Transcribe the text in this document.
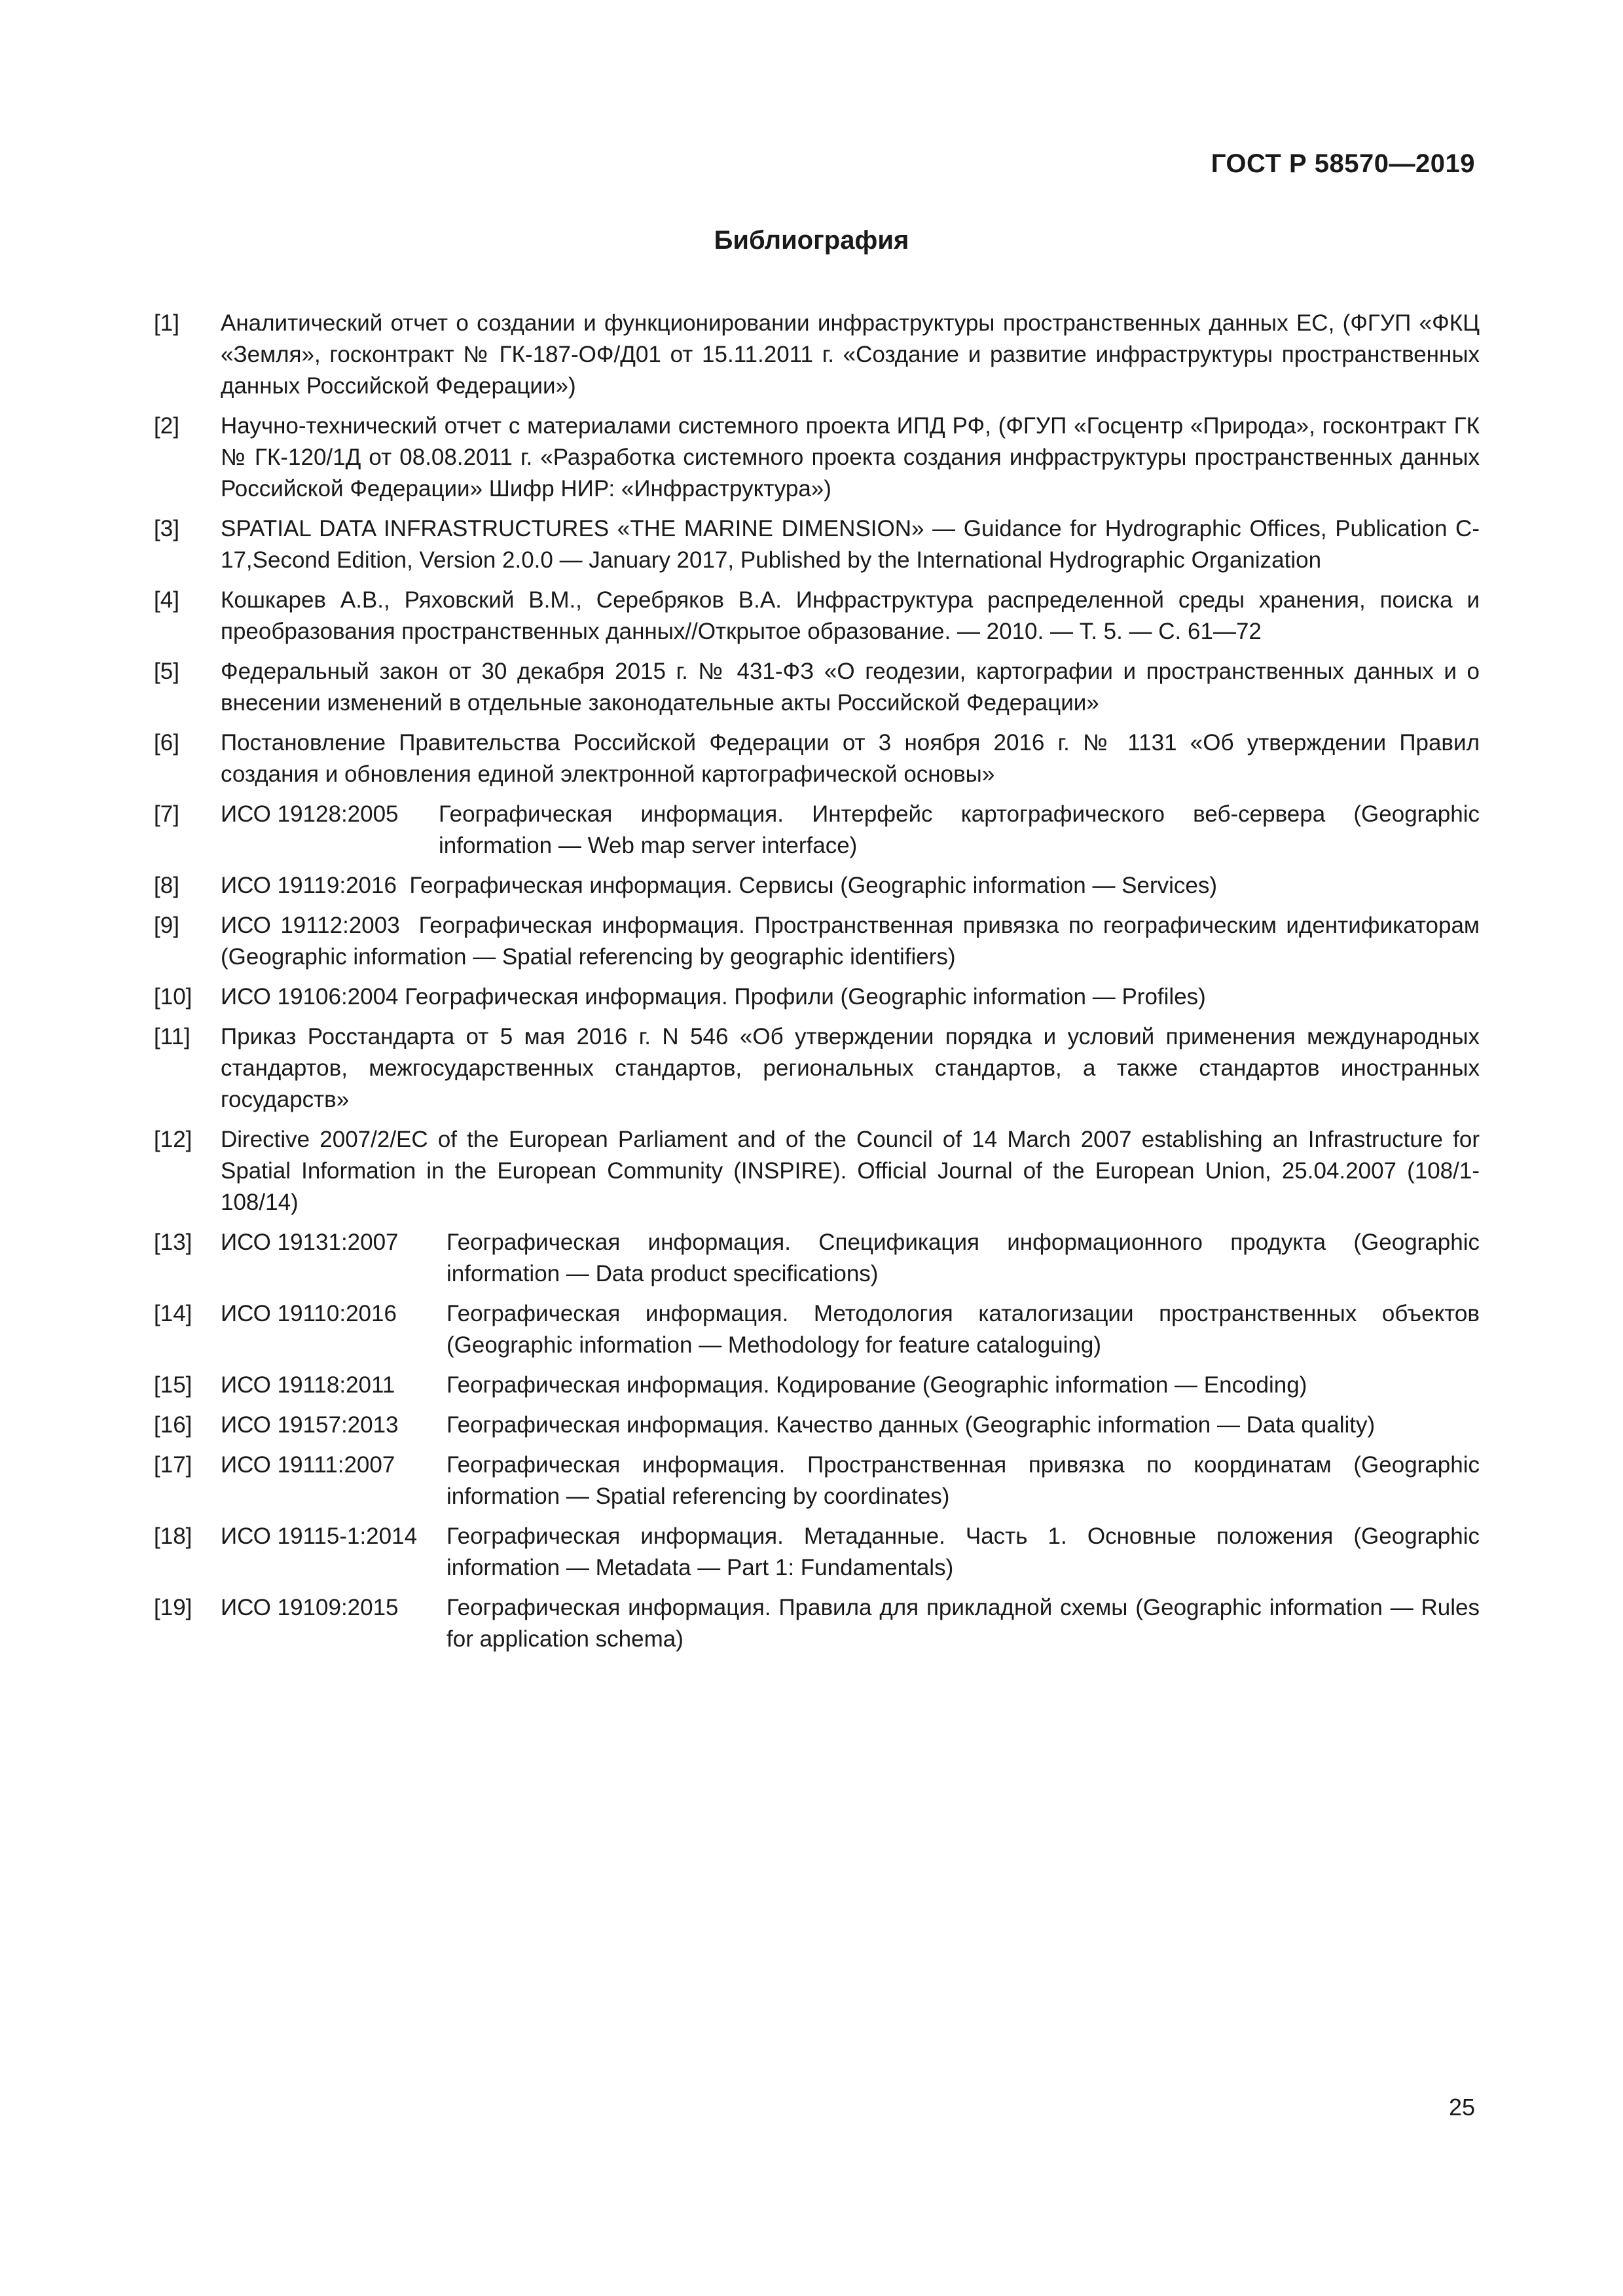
ГОСТ Р 58570—2019
Библиография
[1]	Аналитический отчет о создании и функционировании инфраструктуры пространственных данных ЕС, (ФГУП «ФКЦ «Земля», госконтракт № ГК-187-ОФ/Д01 от 15.11.2011 г. «Создание и развитие инфраструктуры пространственных данных Российской Федерации»)
[2]	Научно-технический отчет с материалами системного проекта ИПД РФ, (ФГУП «Госцентр «Природа», госконтракт ГК № ГК-120/1Д от 08.08.2011 г. «Разработка системного проекта создания инфраструктуры пространственных данных Российской Федерации» Шифр НИР: «Инфраструктура»)
[3]	SPATIAL DATA INFRASTRUCTURES «THE MARINE DIMENSION» — Guidance for Hydrographic Offices, Publication C-17,Second Edition, Version 2.0.0 — January 2017, Published by the International Hydrographic Organization
[4]	Кошкарев А.В., Ряховский В.М., Серебряков В.А. Инфраструктура распределенной среды хранения, поиска и преобразования пространственных данных//Открытое образование. — 2010. — Т. 5. — С. 61—72
[5]	Федеральный закон от 30 декабря 2015 г. № 431-ФЗ «О геодезии, картографии и пространственных данных и о внесении изменений в отдельные законодательные акты Российской Федерации»
[6]	Постановление Правительства Российской Федерации от 3 ноября 2016 г. № 1131 «Об утверждении Правил создания и обновления единой электронной картографической основы»
[7]	ИСО 19128:2005	Географическая информация. Интерфейс картографического веб-сервера (Geographic information — Web map server interface)
[8]	ИСО 19119:2016 Географическая информация. Сервисы (Geographic information — Services)
[9]	ИСО 19112:2003 Географическая информация. Пространственная привязка по географическим идентификаторам (Geographic information — Spatial referencing by geographic identifiers)
[10]	ИСО 19106:2004 Географическая информация. Профили (Geographic information — Profiles)
[11]	Приказ Росстандарта от 5 мая 2016 г. N 546 «Об утверждении порядка и условий применения международных стандартов, межгосударственных стандартов, региональных стандартов, а также стандартов иностранных государств»
[12]	Directive 2007/2/EC of the European Parliament and of the Council of 14 March 2007 establishing an Infrastructure for Spatial Information in the European Community (INSPIRE). Official Journal of the European Union, 25.04.2007 (108/1-108/14)
[13]	ИСО 19131:2007	Географическая информация. Спецификация информационного продукта (Geographic information — Data product specifications)
[14]	ИСО 19110:2016	Географическая информация. Методология каталогизации пространственных объектов (Geographic information — Methodology for feature cataloguing)
[15]	ИСО 19118:2011	Географическая информация. Кодирование (Geographic information — Encoding)
[16]	ИСО 19157:2013	Географическая информация. Качество данных (Geographic information — Data quality)
[17]	ИСО 19111:2007	Географическая информация. Пространственная привязка по координатам (Geographic information — Spatial referencing by coordinates)
[18]	ИСО 19115-1:2014	Географическая информация. Метаданные. Часть 1. Основные положения (Geographic information — Metadata — Part 1: Fundamentals)
[19]	ИСО 19109:2015	Географическая информация. Правила для прикладной схемы (Geographic information — Rules for application schema)
25
